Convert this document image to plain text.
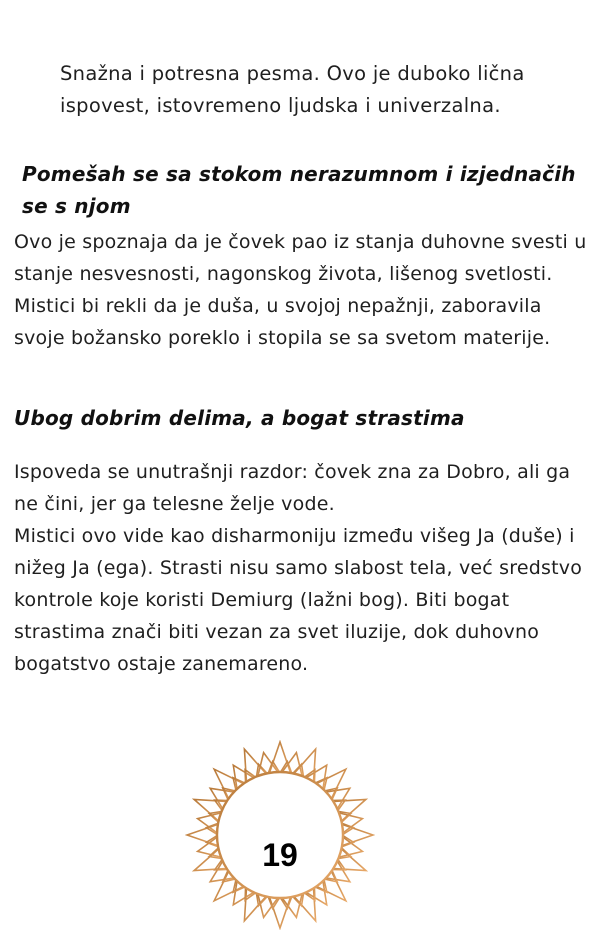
Snažna i potresna pesma. Ovo je duboko lična ispovest, istovremeno ljudska i univerzalna.
Pomešah se sa stokom nerazumnom i izjednačih se s njom
Ovo je spoznaja da je čovek pao iz stanja duhovne svesti u stanje nesvesnosti, nagonskog života, lišenog svetlosti. Mistici bi rekli da je duša, u svojoj nepažnji, zaboravila svoje božansko poreklo i stopila se sa svetom materije.
Ubog dobrim delima, a bogat strastima
Ispoveda se unutrašnji razdor: čovek zna za Dobro, ali ga ne čini, jer ga telesne želje vode.
Mistici ovo vide kao disharmoniju između višeg Ja (duše) i nižeg Ja (ega). Strasti nisu samo slabost tela, već sredstvo kontrole koje koristi Demiurg (lažni bog). Biti bogat strastima znači biti vezan za svet iluzije, dok duhovno bogatstvo ostaje zanemareno.
19
